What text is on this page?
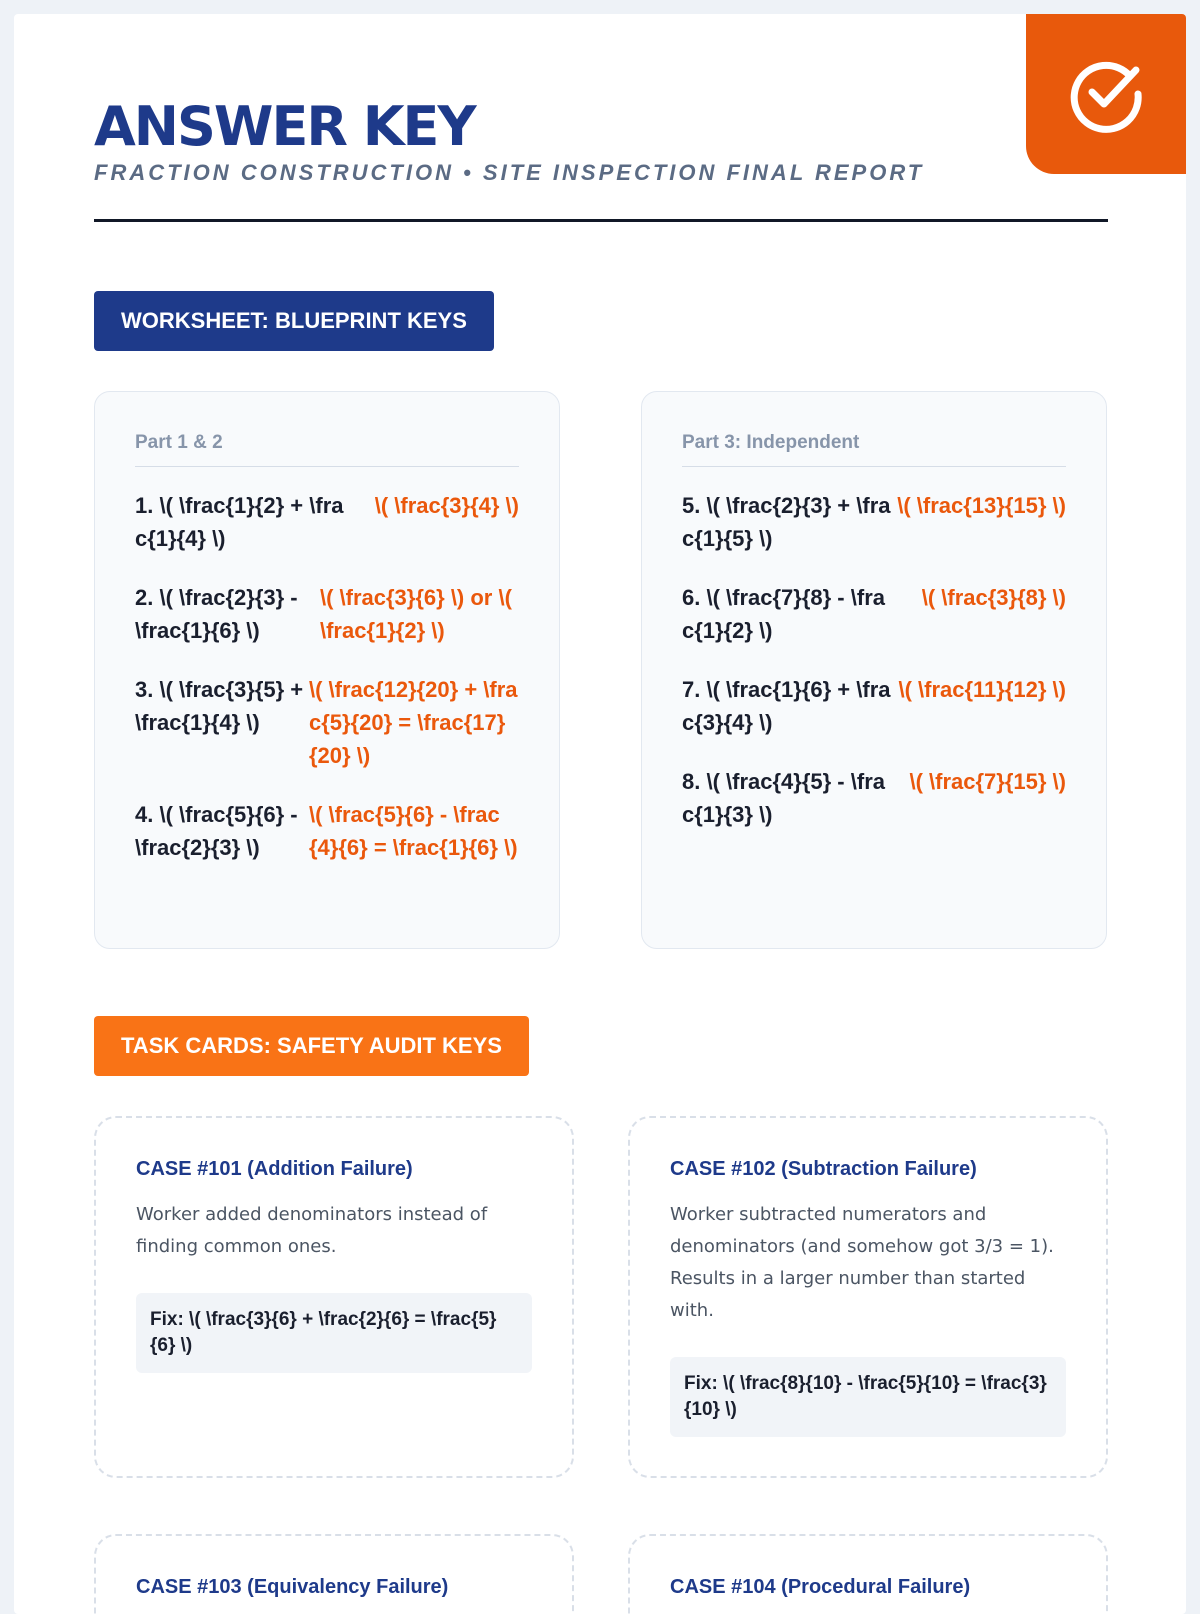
ANSWER KEY
FRACTION CONSTRUCTION • SITE INSPECTION FINAL REPORT
WORKSHEET: BLUEPRINT KEYS
Part 1 & 2
1. \( \frac{1}{2} + \frac{1}{4} \)
\( \frac{3}{4} \)
2. \( \frac{2}{3} - \frac{1}{6} \)
\( \frac{3}{6} \) or \( \frac{1}{2} \)
3. \( \frac{3}{5} + \frac{1}{4} \)
\( \frac{12}{20} + \frac{5}{20} = \frac{17}{20} \)
4. \( \frac{5}{6} - \frac{2}{3} \)
\( \frac{5}{6} - \frac{4}{6} = \frac{1}{6} \)
Part 3: Independent
5. \( \frac{2}{3} + \frac{1}{5} \)
\( \frac{13}{15} \)
6. \( \frac{7}{8} - \frac{1}{2} \)
\( \frac{3}{8} \)
7. \( \frac{1}{6} + \frac{3}{4} \)
\( \frac{11}{12} \)
8. \( \frac{4}{5} - \frac{1}{3} \)
\( \frac{7}{15} \)
TASK CARDS: SAFETY AUDIT KEYS
CASE #101 (Addition Failure)
Worker added denominators instead of finding common ones.
Fix: \( \frac{3}{6} + \frac{2}{6} = \frac{5}{6} \)
CASE #102 (Subtraction Failure)
Worker subtracted numerators and denominators (and somehow got 3/3 = 1). Results in a larger number than started with.
Fix: \( \frac{8}{10} - \frac{5}{10} = \frac{3}{10} \)
CASE #103 (Equivalency Failure)	CASE #104 (Procedural Failure)
